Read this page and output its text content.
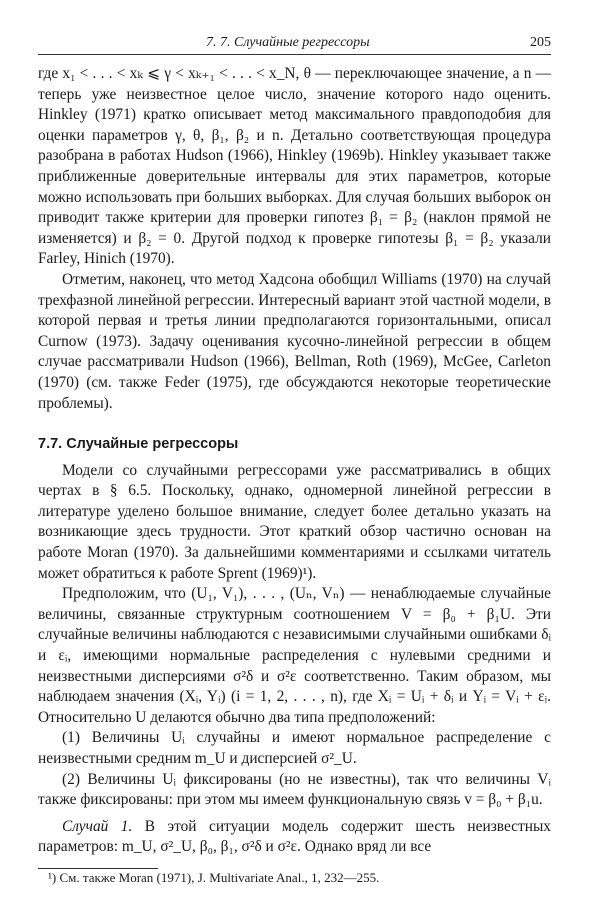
7. 7. Случайные регрессоры	205

где x₁ < . . . < xₖ ⩽ γ < xₖ₊₁ < . . . < x_N, θ — переключающее значение, а n — теперь уже неизвестное целое число, значение которого надо оценить. Hinkley (1971) кратко описывает метод максимального правдоподобия для оценки параметров γ, θ, β₁, β₂ и n. Детально соответствующая процедура разобрана в работах Hudson (1966), Hinkley (1969b). Hinkley указывает также приближенные доверительные интервалы для этих параметров, которые можно использовать при больших выборках. Для случая больших выборок он приводит также критерии для проверки гипотез β₁ = β₂ (наклон прямой не изменяется) и β₂ = 0. Другой подход к проверке гипотезы β₁ = β₂ указали Farley, Hinich (1970).

Отметим, наконец, что метод Хадсона обобщил Williams (1970) на случай трехфазной линейной регрессии. Интересный вариант этой частной модели, в которой первая и третья линии предполагаются горизонтальными, описал Curnow (1973). Задачу оценивания кусочно-линейной регрессии в общем случае рассматривали Hudson (1966), Bellman, Roth (1969), McGee, Carleton (1970) (см. также Feder (1975), где обсуждаются некоторые теоретические проблемы).

7.7. Случайные регрессоры

Модели со случайными регрессорами уже рассматривались в общих чертах в § 6.5. Поскольку, однако, одномерной линейной регрессии в литературе уделено большое внимание, следует более детально указать на возникающие здесь трудности. Этот краткий обзор частично основан на работе Moran (1970). За дальнейшими комментариями и ссылками читатель может обратиться к работе Sprent (1969)¹).

Предположим, что (U₁, V₁), . . . , (Uₙ, Vₙ) — ненаблюдаемые случайные величины, связанные структурным соотношением V = β₀ + β₁U. Эти случайные величины наблюдаются с независимыми случайными ошибками δᵢ и εᵢ, имеющими нормальные распределения с нулевыми средними и неизвестными дисперсиями σ²δ и σ²ε соответственно. Таким образом, мы наблюдаем значения (Xᵢ, Yᵢ) (i = 1, 2, . . . , n), где Xᵢ = Uᵢ + δᵢ и Yᵢ = Vᵢ + εᵢ. Относительно U делаются обычно два типа предположений:

(1) Величины Uᵢ случайны и имеют нормальное распределение с неизвестными средним m_U и дисперсией σ²_U.

(2) Величины Uᵢ фиксированы (но не известны), так что величины Vᵢ также фиксированы: при этом мы имеем функциональную связь v = β₀ + β₁u.

Случай 1. В этой ситуации модель содержит шесть неизвестных параметров: m_U, σ²_U, β₀, β₁, σ²δ и σ²ε. Однако вряд ли все

¹) См. также Moran (1971), J. Multivariate Anal., 1, 232—255.
